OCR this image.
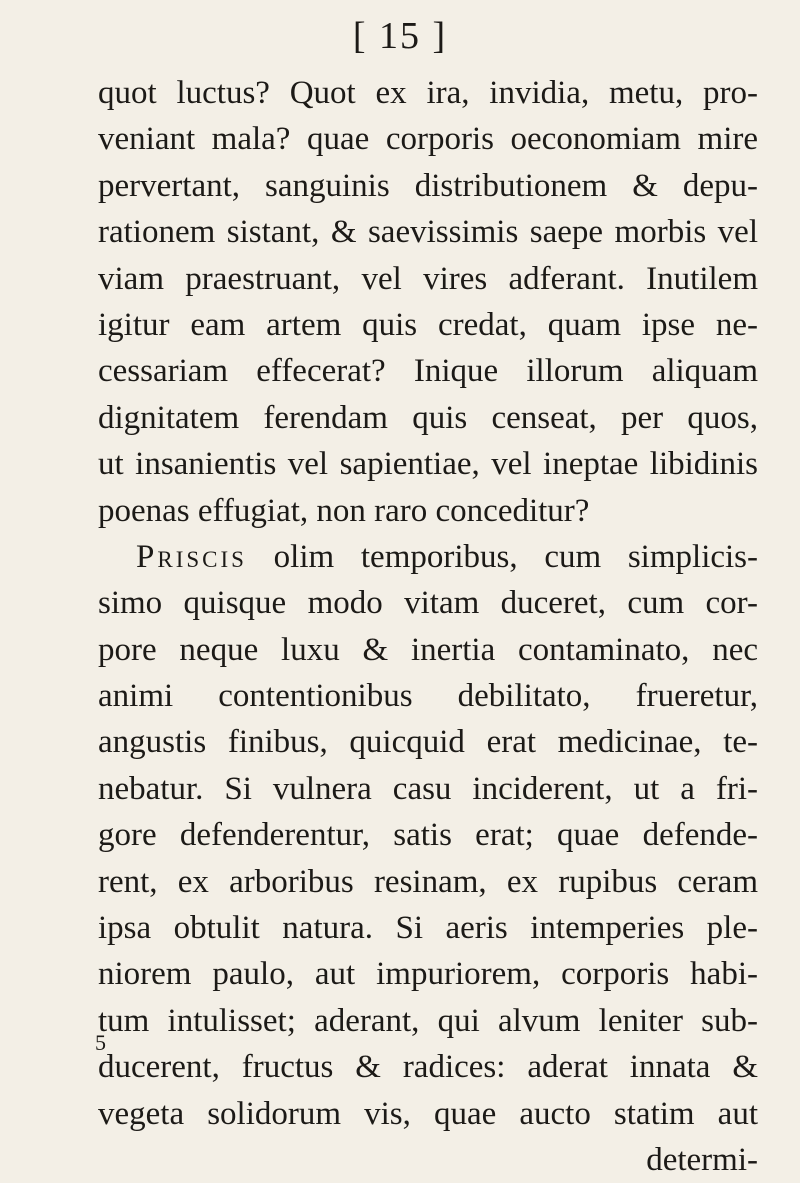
[ 15 ]
quot luctus? Quot ex ira, invidia, metu, pro-
veniant mala? quae corporis oeconomiam mire
pervertant, sanguinis distributionem & depu-
rationem sistant, & saevissimis saepe morbis vel
viam praestruant, vel vires adferant. Inutilem
igitur eam artem quis credat, quam ipse ne-
cessariam effecerat? Inique illorum aliquam
dignitatem ferendam quis censeat, per quos,
ut insanientis vel sapientiae, vel ineptae libidinis
poenas effugiat, non raro conceditur?
Priscis olim temporibus, cum simplicis-
simo quisque modo vitam duceret, cum cor-
pore neque luxu & inertia contaminato, nec
animi contentionibus debilitato, frueretur,
angustis finibus, quicquid erat medicinae, te-
nebatur. Si vulnera casu inciderent, ut a fri-
gore defenderentur, satis erat; quae defende-
rent, ex arboribus resinam, ex rupibus ceram
ipsa obtulit natura. Si aeris intemperies ple-
niorem paulo, aut impuriorem, corporis habi-
tum intulisset; aderant, qui alvum leniter sub-
ducerent, fructus & radices: aderat innata &
vegeta solidorum vis, quae aucto statim aut
determi-
5
